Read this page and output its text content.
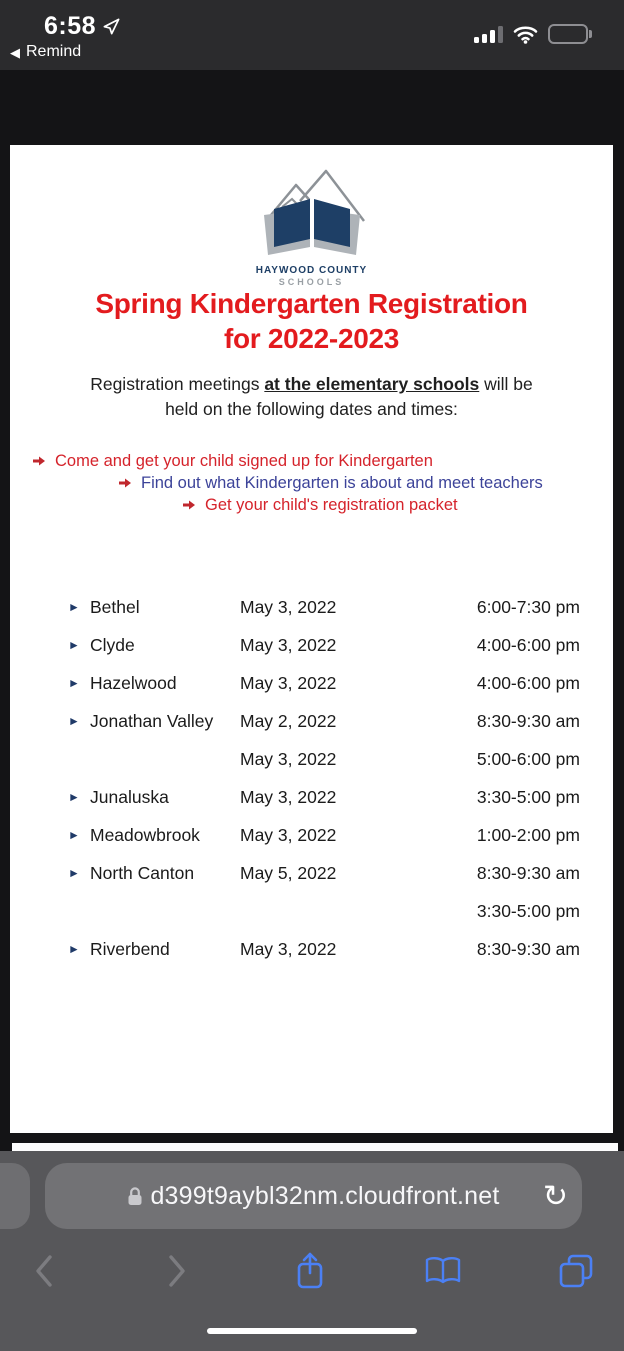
6:58
◀ Remind
HAYWOOD COUNTY
SCHOOLS
Spring Kindergarten Registration
for 2022-2023
Registration meetings at the elementary schools will be
held on the following dates and times:
Come and get your child signed up for Kindergarten
Find out what Kindergarten is about and meet teachers
Get your child's registration packet
► Bethel	May 3, 2022	6:00-7:30 pm
► Clyde	May 3, 2022	4:00-6:00 pm
► Hazelwood	May 3, 2022	4:00-6:00 pm
► Jonathan Valley	May 2, 2022	8:30-9:30 am
May 3, 2022	5:00-6:00 pm
► Junaluska	May 3, 2022	3:30-5:00 pm
► Meadowbrook	May 3, 2022	1:00-2:00 pm
► North Canton	May 5, 2022	8:30-9:30 am
3:30-5:00 pm
► Riverbend	May 3, 2022	8:30-9:30 am
d399t9aybl32nm.cloudfront.net ↻
